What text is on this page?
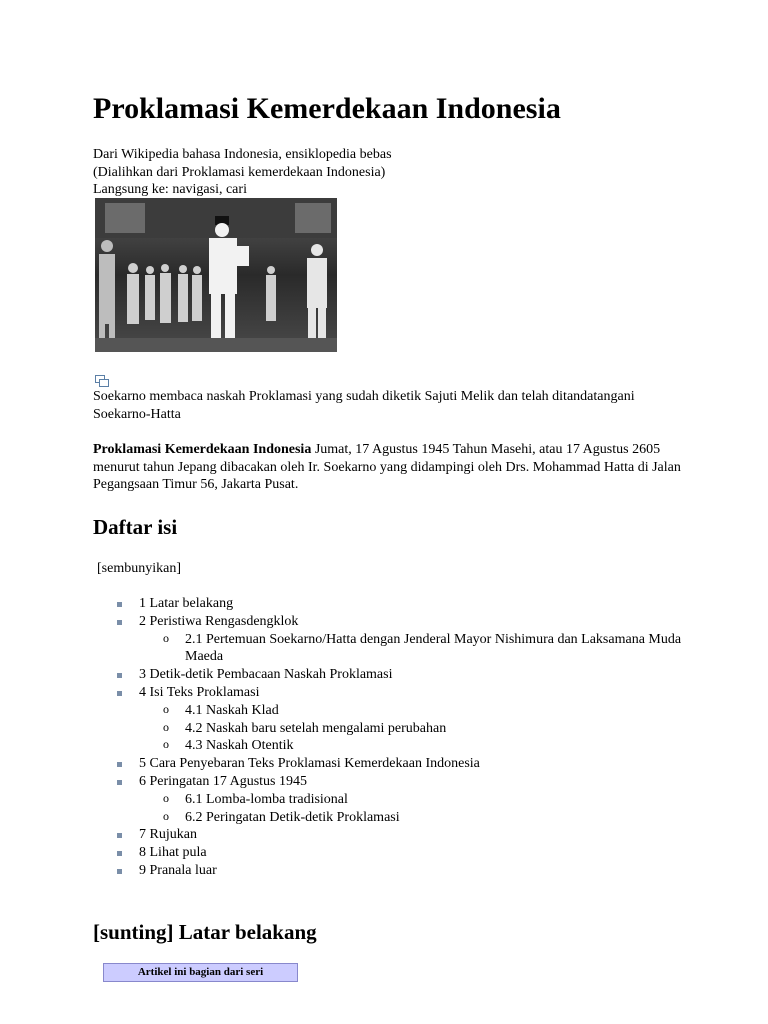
Proklamasi Kemerdekaan Indonesia
Dari Wikipedia bahasa Indonesia, ensiklopedia bebas
(Dialihkan dari Proklamasi kemerdekaan Indonesia)
Langsung ke: navigasi, cari
Soekarno membaca naskah Proklamasi yang sudah diketik Sajuti Melik dan telah ditandatangani Soekarno-Hatta
Proklamasi Kemerdekaan Indonesia Jumat, 17 Agustus 1945 Tahun Masehi, atau 17 Agustus 2605 menurut tahun Jepang dibacakan oleh Ir. Soekarno yang didampingi oleh Drs. Mohammad Hatta di Jalan Pegangsaan Timur 56, Jakarta Pusat.
Daftar isi
[sembunyikan]
1 Latar belakang
2 Peristiwa Rengasdengklok
o 2.1 Pertemuan Soekarno/Hatta dengan Jenderal Mayor Nishimura dan Laksamana Muda Maeda
3 Detik-detik Pembacaan Naskah Proklamasi
4 Isi Teks Proklamasi
o 4.1 Naskah Klad
o 4.2 Naskah baru setelah mengalami perubahan
o 4.3 Naskah Otentik
5 Cara Penyebaran Teks Proklamasi Kemerdekaan Indonesia
6 Peringatan 17 Agustus 1945
o 6.1 Lomba-lomba tradisional
o 6.2 Peringatan Detik-detik Proklamasi
7 Rujukan
8 Lihat pula
9 Pranala luar
[sunting] Latar belakang
Artikel ini bagian dari seri
